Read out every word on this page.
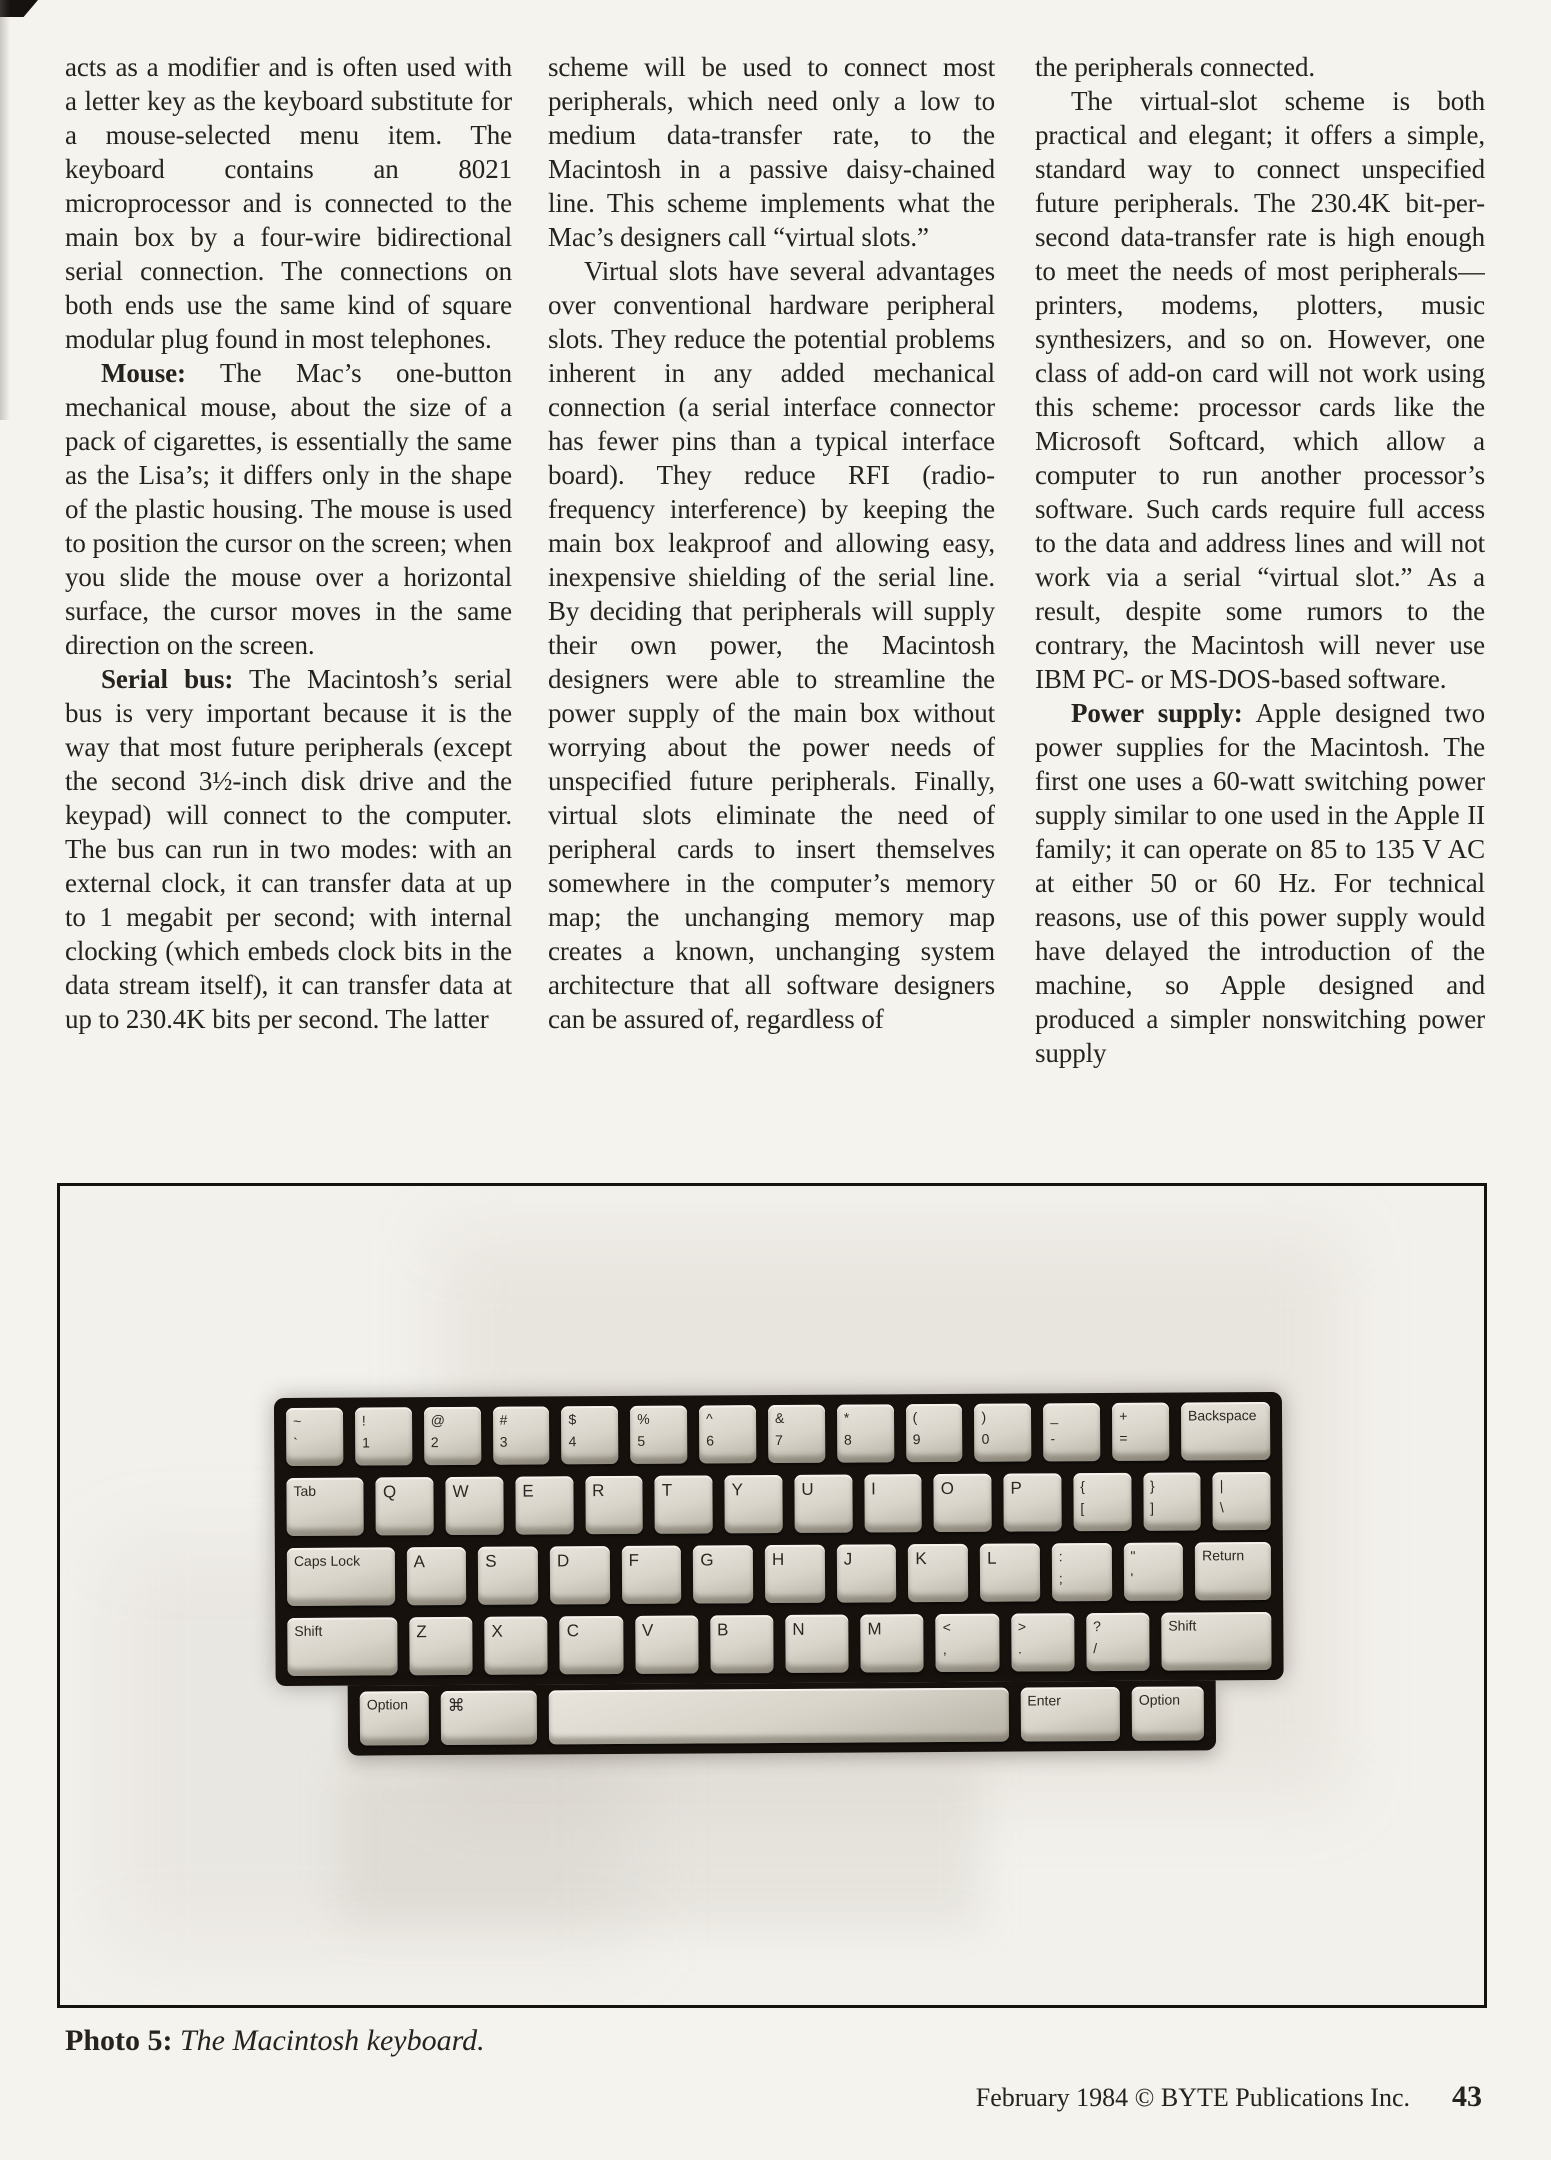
acts as a modifier and is often used with a letter key as the keyboard substitute for a mouse-selected menu item. The keyboard contains an 8021 microprocessor and is connected to the main box by a four-wire bidirectional serial connection. The connections on both ends use the same kind of square modular plug found in most telephones.

Mouse: The Mac’s one-button mechanical mouse, about the size of a pack of cigarettes, is essentially the same as the Lisa’s; it differs only in the shape of the plastic housing. The mouse is used to position the cursor on the screen; when you slide the mouse over a horizontal surface, the cursor moves in the same direction on the screen.

Serial bus: The Macintosh’s serial bus is very important because it is the way that most future peripherals (except the second 3½-inch disk drive and the keypad) will connect to the computer. The bus can run in two modes: with an external clock, it can transfer data at up to 1 megabit per second; with internal clocking (which embeds clock bits in the data stream itself), it can transfer data at up to 230.4K bits per second. The latter

scheme will be used to connect most peripherals, which need only a low to medium data-transfer rate, to the Macintosh in a passive daisy-chained line. This scheme implements what the Mac’s designers call “virtual slots.”

Virtual slots have several advantages over conventional hardware peripheral slots. They reduce the potential problems inherent in any added mechanical connection (a serial interface connector has fewer pins than a typical interface board). They reduce RFI (radio-frequency interference) by keeping the main box leakproof and allowing easy, inexpensive shielding of the serial line. By deciding that peripherals will supply their own power, the Macintosh designers were able to streamline the power supply of the main box without worrying about the power needs of unspecified future peripherals. Finally, virtual slots eliminate the need of peripheral cards to insert themselves somewhere in the computer’s memory map; the unchanging memory map creates a known, unchanging system architecture that all software designers can be assured of, regardless of

the peripherals connected.

The virtual-slot scheme is both practical and elegant; it offers a simple, standard way to connect unspecified future peripherals. The 230.4K bit-per-second data-transfer rate is high enough to meet the needs of most peripherals—printers, modems, plotters, music synthesizers, and so on. However, one class of add-on card will not work using this scheme: processor cards like the Microsoft Softcard, which allow a computer to run another processor’s software. Such cards require full access to the data and address lines and will not work via a serial “virtual slot.” As a result, despite some rumors to the contrary, the Macintosh will never use IBM PC- or MS-DOS-based software.

Power supply: Apple designed two power supplies for the Macintosh. The first one uses a 60-watt switching power supply similar to one used in the Apple II family; it can operate on 85 to 135 V AC at either 50 or 60 Hz. For technical reasons, use of this power supply would have delayed the introduction of the machine, so Apple designed and produced a simpler nonswitching power supply

~
`
!
1
@
2
#
3
$
4
%
5
^
6
&
7
*
8
(
9
)
0
_
-
+
=
Backspace
Tab	Q	W	E	R	T	Y	U	I	O	P	{
[
}
]
|
\
Caps Lock	A	S	D	F	G	H	J	K	L	:
;
"
'
Return
Shift	Z	X	C	V	B	N	M	<
,
>
.
?
/
Shift
Option	⌘	Enter	Option
Photo 5: The Macintosh keyboard.
February 1984 © BYTE Publications Inc. 43
